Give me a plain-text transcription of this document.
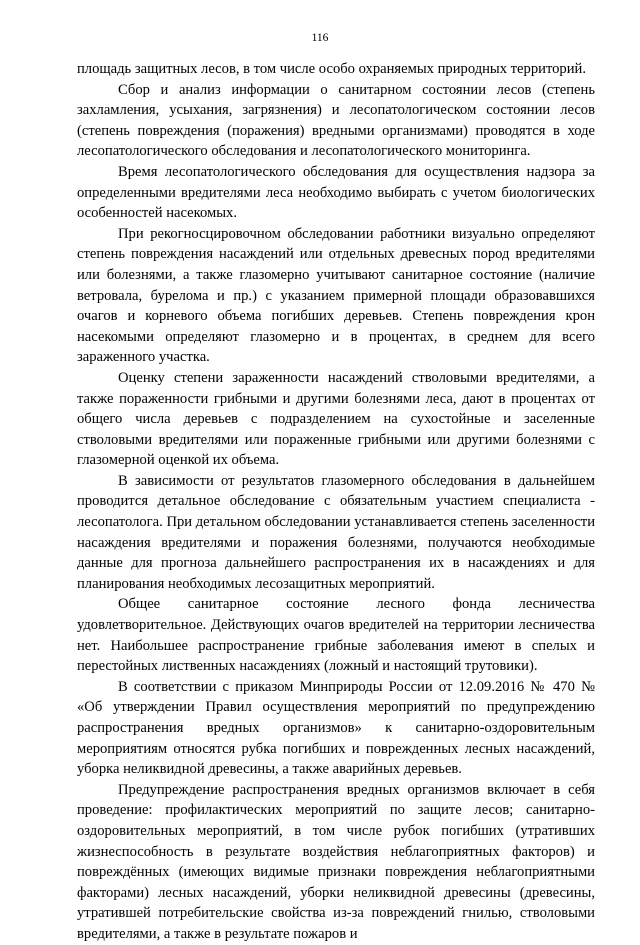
116

площадь защитных лесов, в том числе особо охраняемых природных территорий.

Сбор и анализ информации о санитарном состоянии лесов (степень захламления, усыхания, загрязнения) и лесопатологическом состоянии лесов (степень повреждения (поражения) вредными организмами) проводятся в ходе лесопатологического обследования и лесопатологического мониторинга.

Время лесопатологического обследования для осуществления надзора за определенными вредителями леса необходимо выбирать с учетом биологических особенностей насекомых.

При рекогносцировочном обследовании работники визуально определяют степень повреждения насаждений или отдельных древесных пород вредителями или болезнями, а также глазомерно учитывают санитарное состояние (наличие ветровала, бурелома и пр.) с указанием примерной площади образовавшихся очагов и корневого объема погибших деревьев. Степень повреждения крон насекомыми определяют глазомерно и в процентах, в среднем для всего зараженного участка.

Оценку степени зараженности насаждений стволовыми вредителями, а также пораженности грибными и другими болезнями леса, дают в процентах от общего числа деревьев с подразделением на сухостойные и заселенные стволовыми вредителями или пораженные грибными или другими болезнями с глазомерной оценкой их объема.

В зависимости от результатов глазомерного обследования в дальнейшем проводится детальное обследование с обязательным участием специалиста - лесопатолога. При детальном обследовании устанавливается степень заселенности насаждения вредителями и поражения болезнями, получаются необходимые данные для прогноза дальнейшего распространения их в насаждениях и для планирования необходимых лесозащитных мероприятий.

Общее санитарное состояние лесного фонда лесничества удовлетворительное. Действующих очагов вредителей на территории лесничества нет. Наибольшее распространение грибные заболевания имеют в спелых и перестойных лиственных насаждениях (ложный и настоящий трутовики).

В соответствии с приказом Минприроды России от 12.09.2016 № 470 № «Об утверждении Правил осуществления мероприятий по предупреждению распространения вредных организмов» к санитарно-оздоровительным мероприятиям относятся рубка погибших и поврежденных лесных насаждений, уборка неликвидной древесины, а также аварийных деревьев.

Предупреждение распространения вредных организмов включает в себя проведение: профилактических мероприятий по защите лесов; санитарно-оздоровительных мероприятий, в том числе рубок погибших (утративших жизнеспособность в результате воздействия неблагоприятных факторов) и повреждённых (имеющих видимые признаки повреждения неблагоприятными факторами) лесных насаждений, уборки неликвидной древесины (древесины, утратившей потребительские свойства из-за повреждений гнилью, стволовыми вредителями, а также в результате пожаров и
